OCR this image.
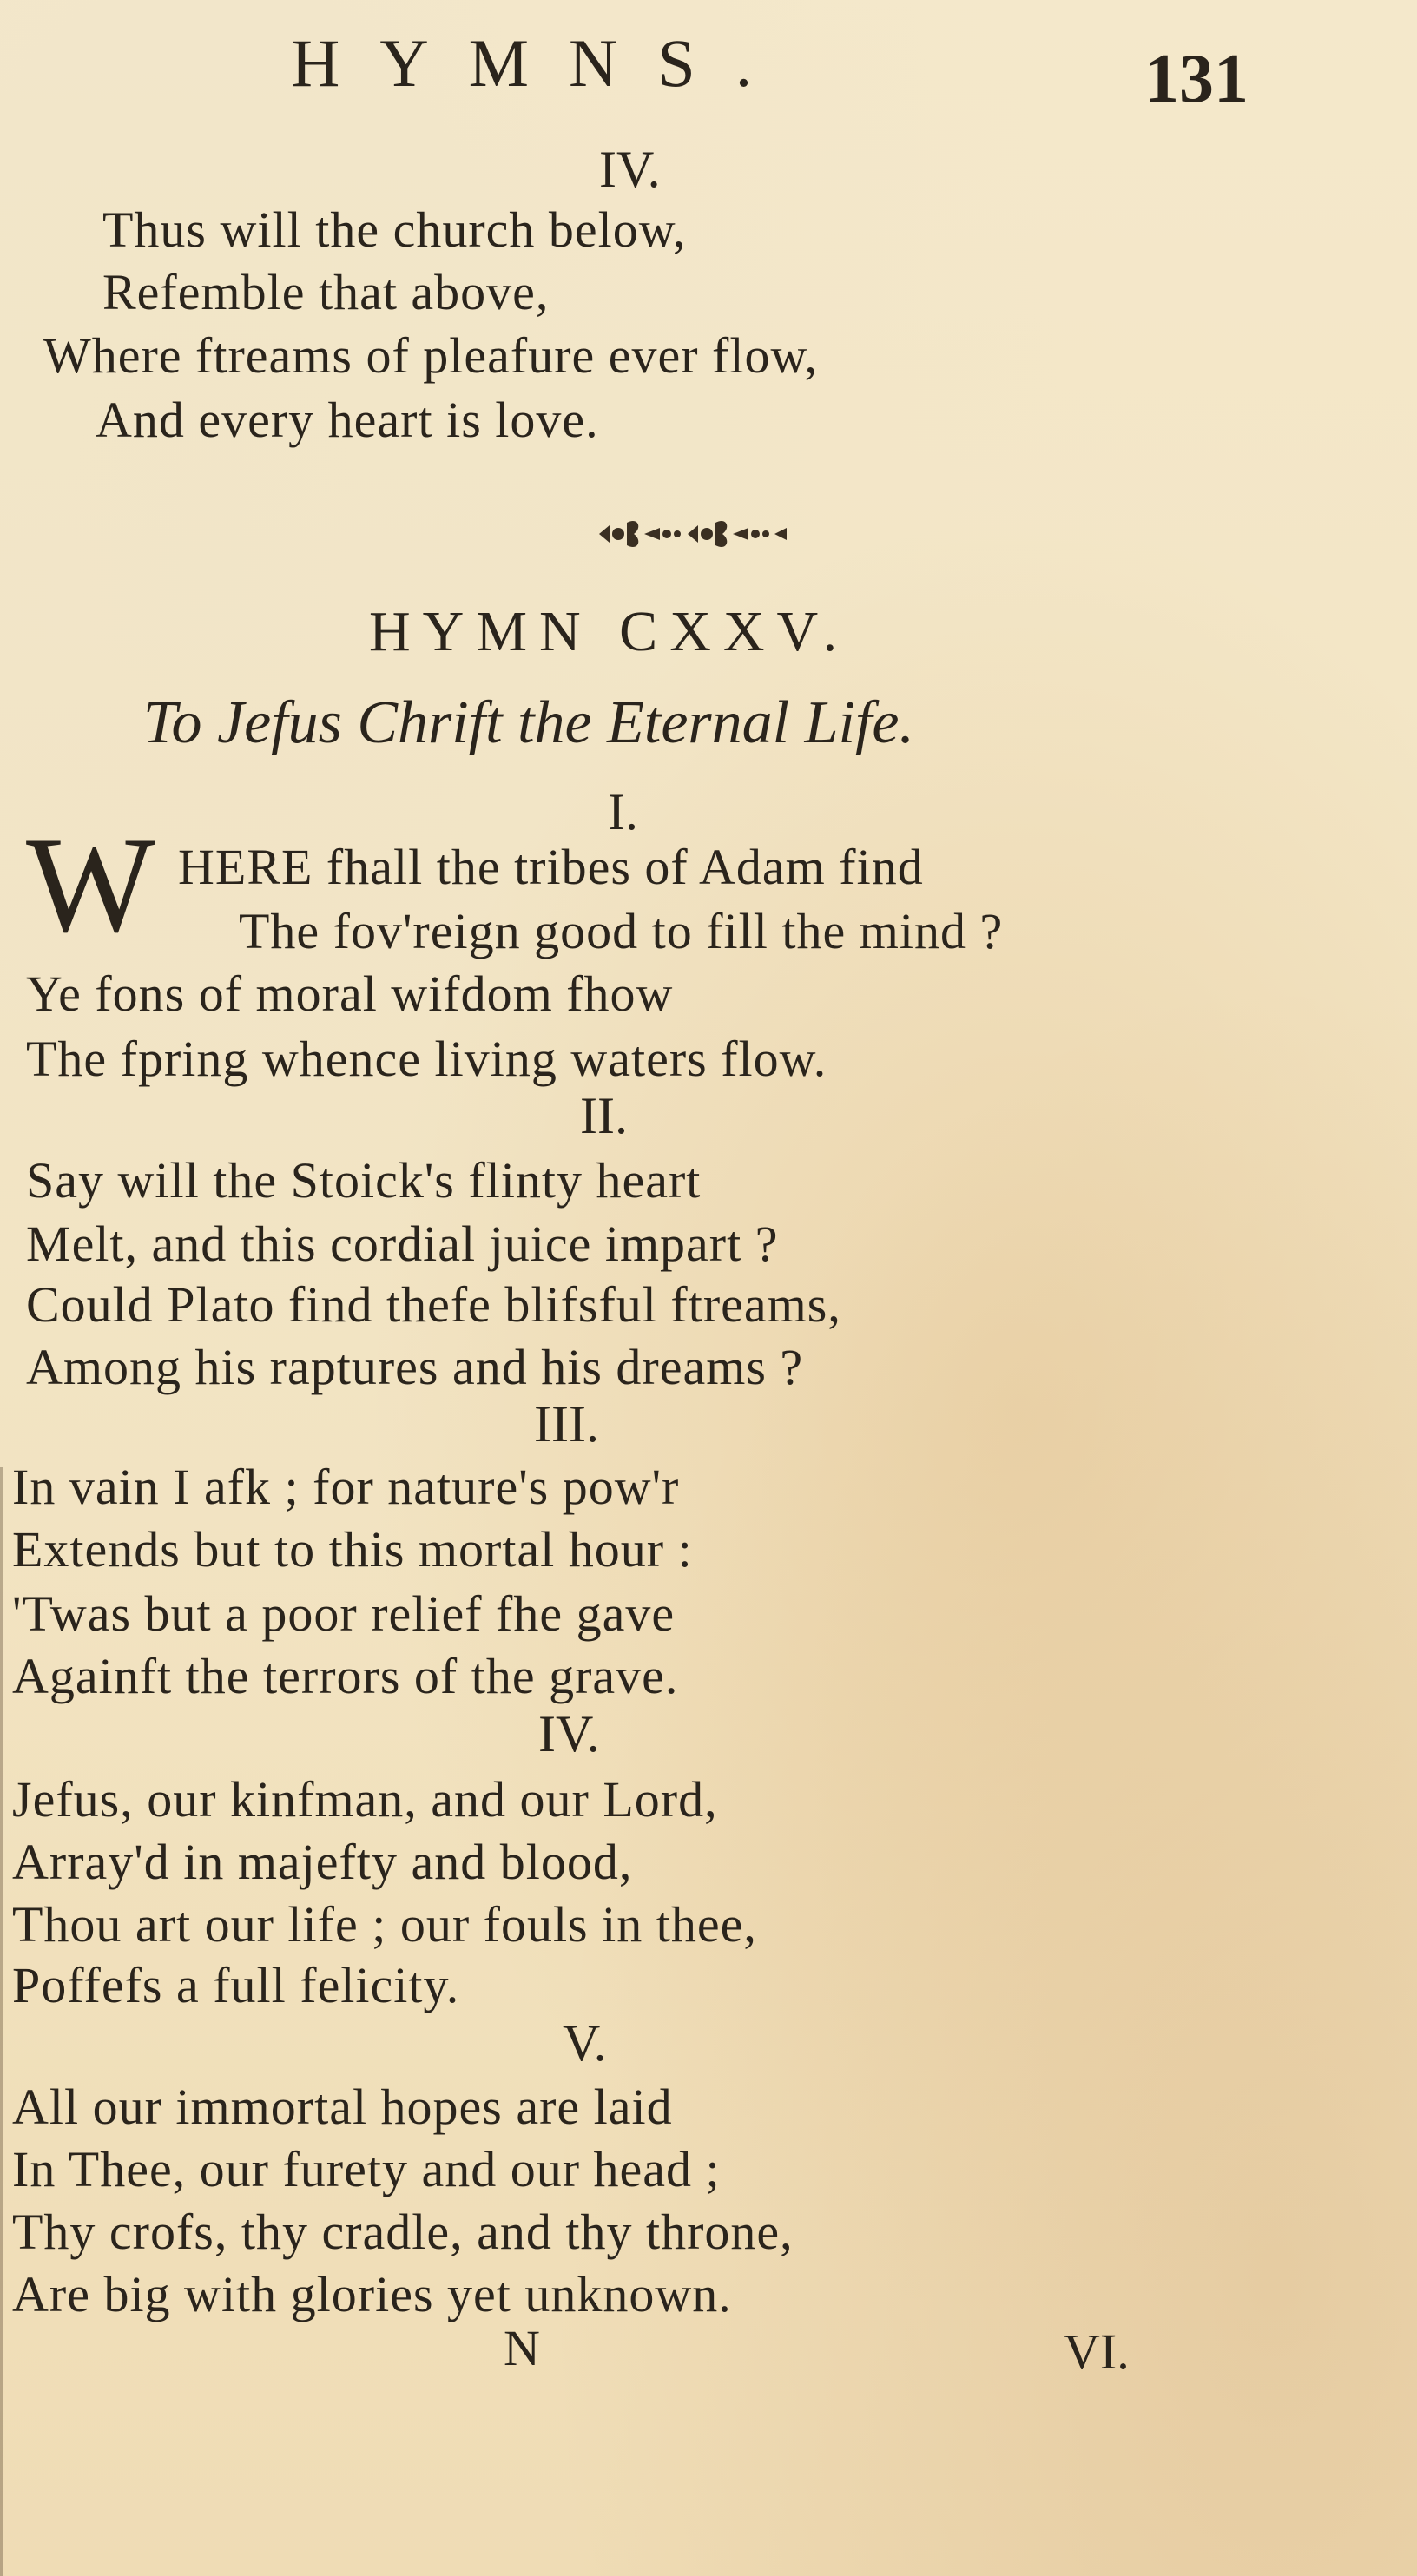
HYMNS.	131
IV.
Thus will the church below,
Refemble that above,
Where ftreams of pleafure ever flow,
And every heart is love.
HYMN CXXV.
To Jefus Chrift the Eternal Life.
I.
W HERE fhall the tribes of Adam find
The fov'reign good to fill the mind ?
Ye fons of moral wifdom fhow
The fpring whence living waters flow.
II.
Say will the Stoick's flinty heart
Melt, and this cordial juice impart ?
Could Plato find thefe blifsful ftreams,
Among his raptures and his dreams ?
III.
In vain I afk ; for nature's pow'r
Extends but to this mortal hour :
'Twas but a poor relief fhe gave
Againft the terrors of the grave.
IV.
Jefus, our kinfman, and our Lord,
Array'd in majefty and blood,
Thou art our life ; our fouls in thee,
Poffefs a full felicity.
V.
All our immortal hopes are laid
In Thee, our furety and our head ;
Thy crofs, thy cradle, and thy throne,
Are big with glories yet unknown.
N	VI.
